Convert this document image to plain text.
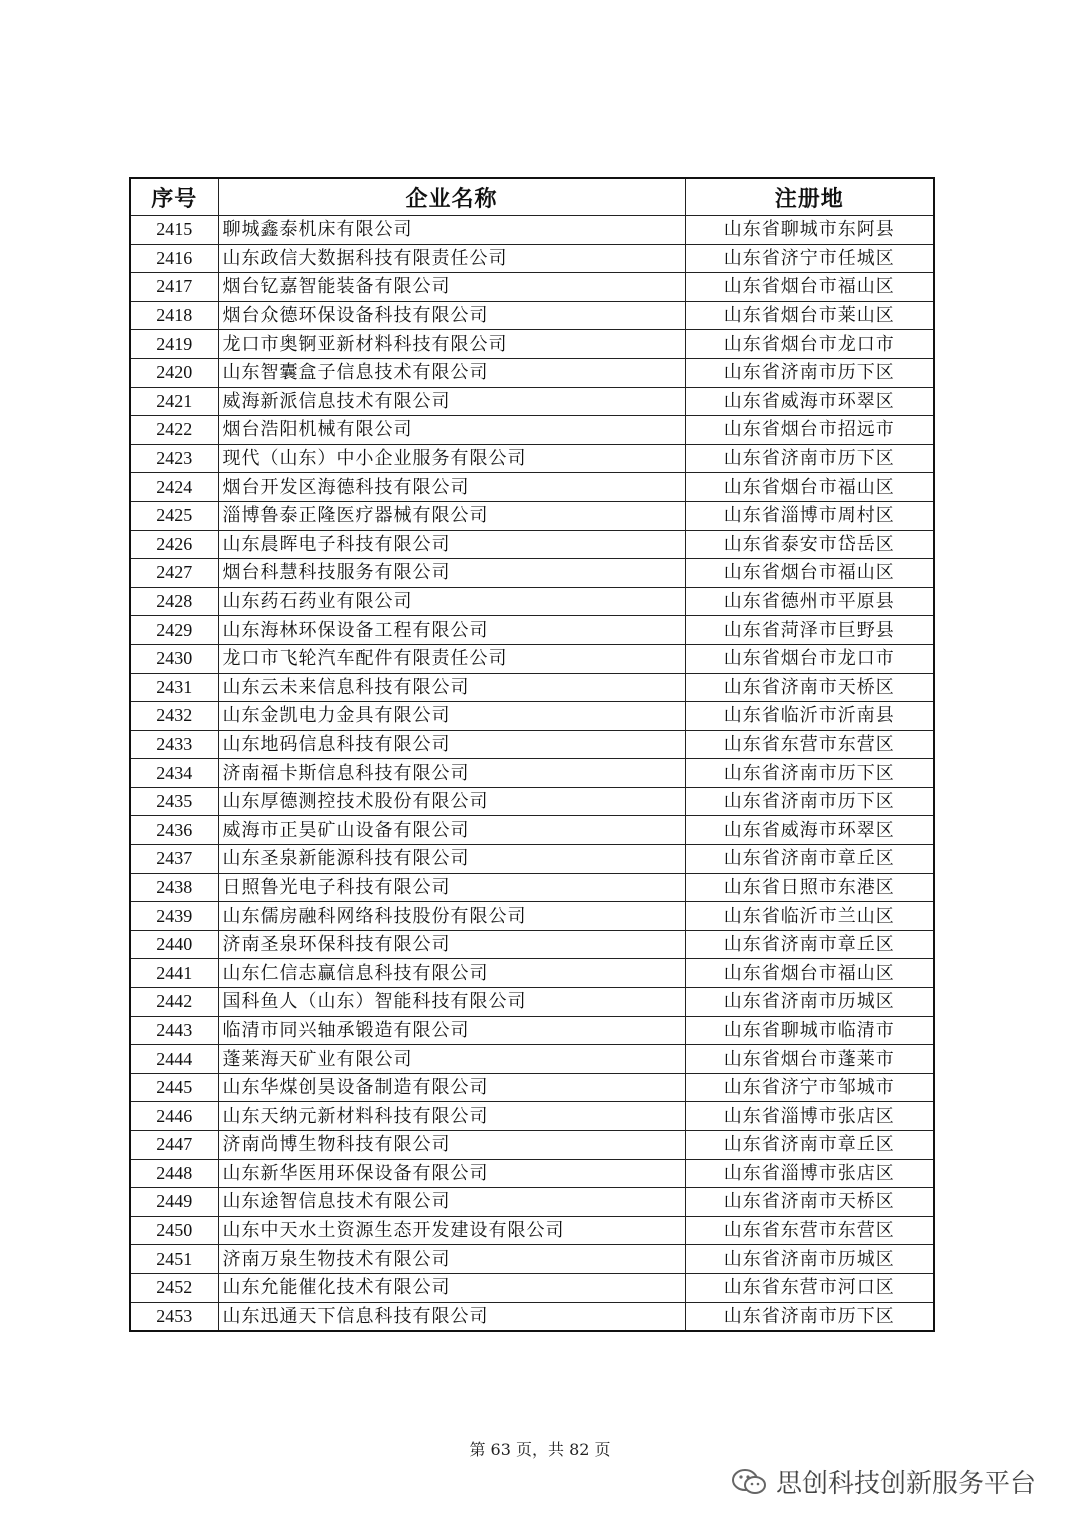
序号	企业名称	注册地
2415	聊城鑫泰机床有限公司	山东省聊城市东阿县
2416	山东政信大数据科技有限责任公司	山东省济宁市任城区
2417	烟台钇嘉智能装备有限公司	山东省烟台市福山区
2418	烟台众德环保设备科技有限公司	山东省烟台市莱山区
2419	龙口市奥锕亚新材料科技有限公司	山东省烟台市龙口市
2420	山东智囊盒子信息技术有限公司	山东省济南市历下区
2421	威海新派信息技术有限公司	山东省威海市环翠区
2422	烟台浩阳机械有限公司	山东省烟台市招远市
2423	现代（山东）中小企业服务有限公司	山东省济南市历下区
2424	烟台开发区海德科技有限公司	山东省烟台市福山区
2425	淄博鲁泰正隆医疗器械有限公司	山东省淄博市周村区
2426	山东晨晖电子科技有限公司	山东省泰安市岱岳区
2427	烟台科慧科技服务有限公司	山东省烟台市福山区
2428	山东药石药业有限公司	山东省德州市平原县
2429	山东海林环保设备工程有限公司	山东省菏泽市巨野县
2430	龙口市飞轮汽车配件有限责任公司	山东省烟台市龙口市
2431	山东云未来信息科技有限公司	山东省济南市天桥区
2432	山东金凯电力金具有限公司	山东省临沂市沂南县
2433	山东地码信息科技有限公司	山东省东营市东营区
2434	济南福卡斯信息科技有限公司	山东省济南市历下区
2435	山东厚德测控技术股份有限公司	山东省济南市历下区
2436	威海市正昊矿山设备有限公司	山东省威海市环翠区
2437	山东圣泉新能源科技有限公司	山东省济南市章丘区
2438	日照鲁光电子科技有限公司	山东省日照市东港区
2439	山东儒房融科网络科技股份有限公司	山东省临沂市兰山区
2440	济南圣泉环保科技有限公司	山东省济南市章丘区
2441	山东仁信志赢信息科技有限公司	山东省烟台市福山区
2442	国科鱼人（山东）智能科技有限公司	山东省济南市历城区
2443	临清市同兴轴承锻造有限公司	山东省聊城市临清市
2444	蓬莱海天矿业有限公司	山东省烟台市蓬莱市
2445	山东华煤创昊设备制造有限公司	山东省济宁市邹城市
2446	山东天纳元新材料科技有限公司	山东省淄博市张店区
2447	济南尚博生物科技有限公司	山东省济南市章丘区
2448	山东新华医用环保设备有限公司	山东省淄博市张店区
2449	山东途智信息技术有限公司	山东省济南市天桥区
2450	山东中天水土资源生态开发建设有限公司	山东省东营市东营区
2451	济南万泉生物技术有限公司	山东省济南市历城区
2452	山东允能催化技术有限公司	山东省东营市河口区
2453	山东迅通天下信息科技有限公司	山东省济南市历下区
第 63 页，共 82 页
思创科技创新服务平台
